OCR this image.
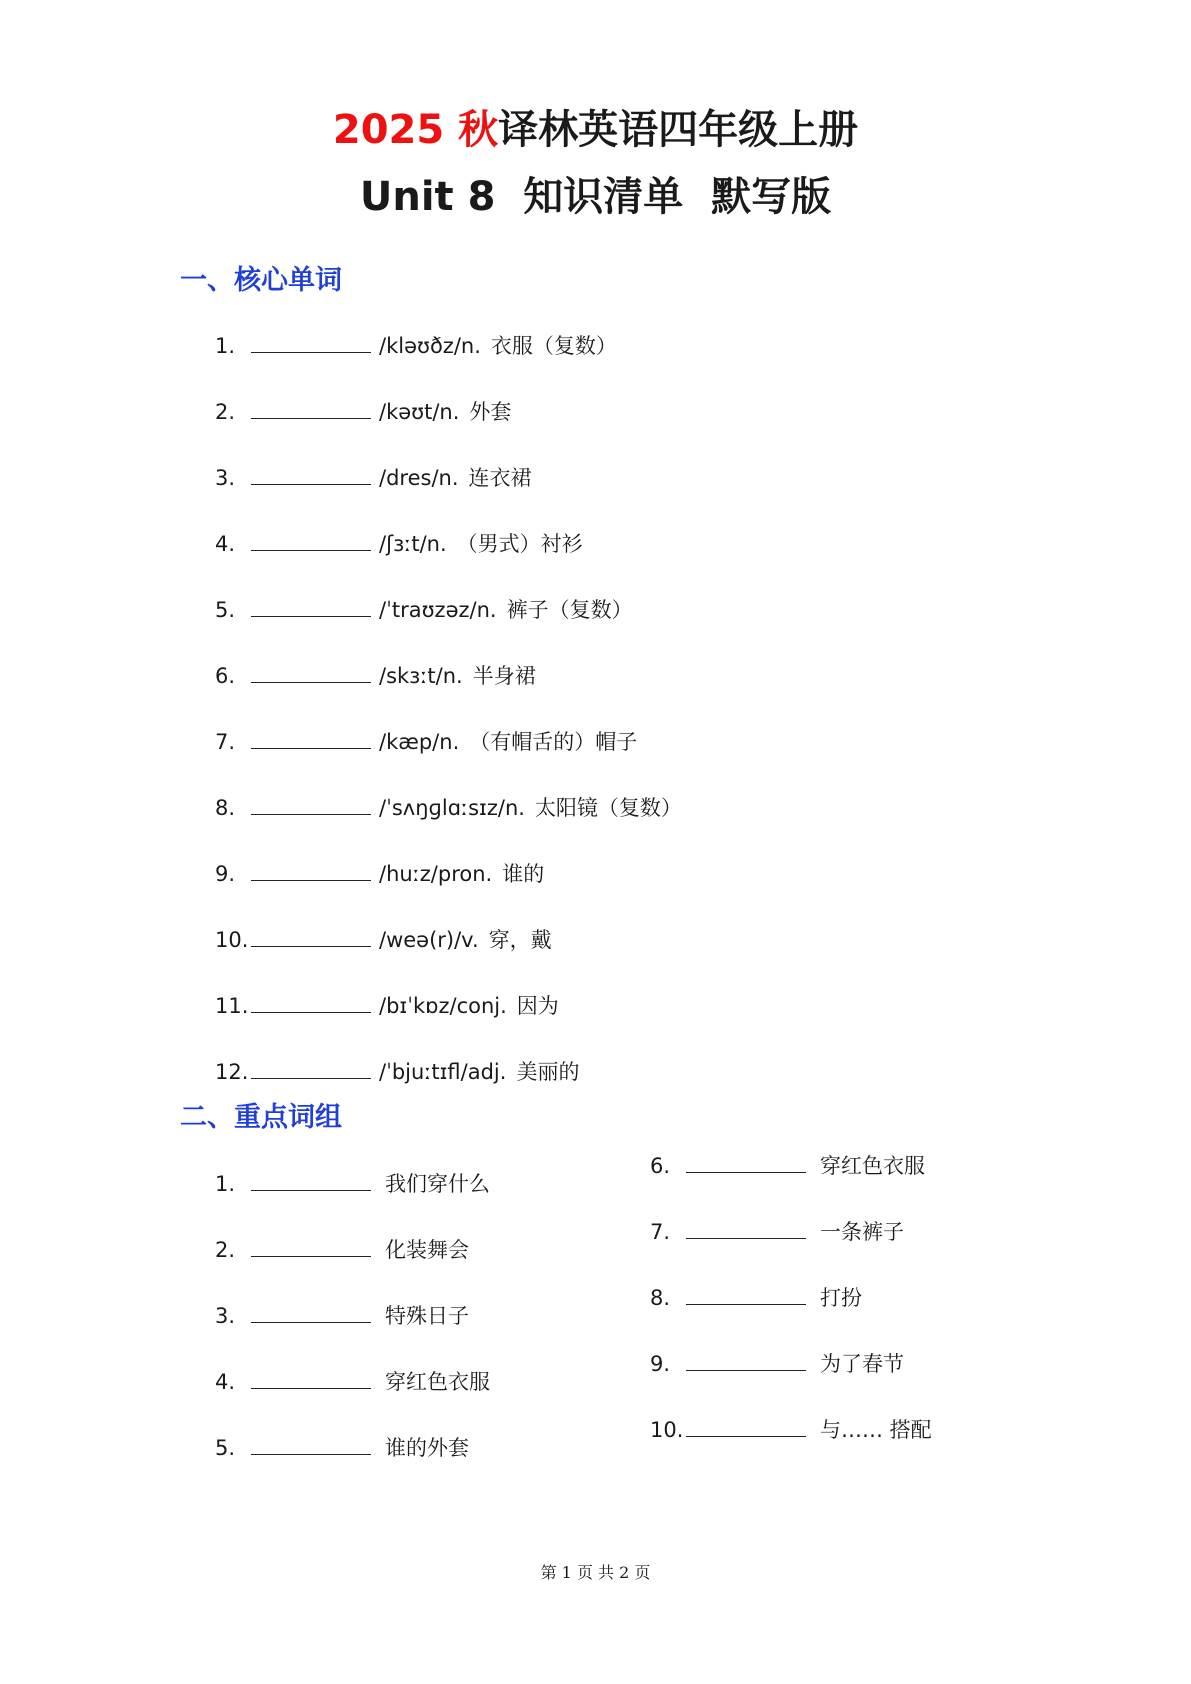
2025 秋译林英语四年级上册
Unit 8  知识清单  默写版
一、核心单词
二、重点词组
第 1 页 共 2 页
1.	/kləʊðz/n. 衣服（复数）
2.	/kəʊt/n. 外套
3.	/dres/n. 连衣裙
4.	/ʃɜːt/n. （男式）衬衫
5.	/ˈtraʊzəz/n. 裤子（复数）
6.	/skɜːt/n. 半身裙
7.	/kæp/n. （有帽舌的）帽子
8.	/ˈsʌŋɡlɑːsɪz/n. 太阳镜（复数）
9.	/huːz/pron. 谁的
10.	/weə(r)/v. 穿，戴
11.	/bɪˈkɒz/conj. 因为
12.	/ˈbjuːtɪfl/adj. 美丽的
1.	我们穿什么
2.	化装舞会
3.	特殊日子
4.	穿红色衣服
5.	谁的外套
6.	穿红色衣服
7.	一条裤子
8.	打扮
9.	为了春节
10.	与…… 搭配
